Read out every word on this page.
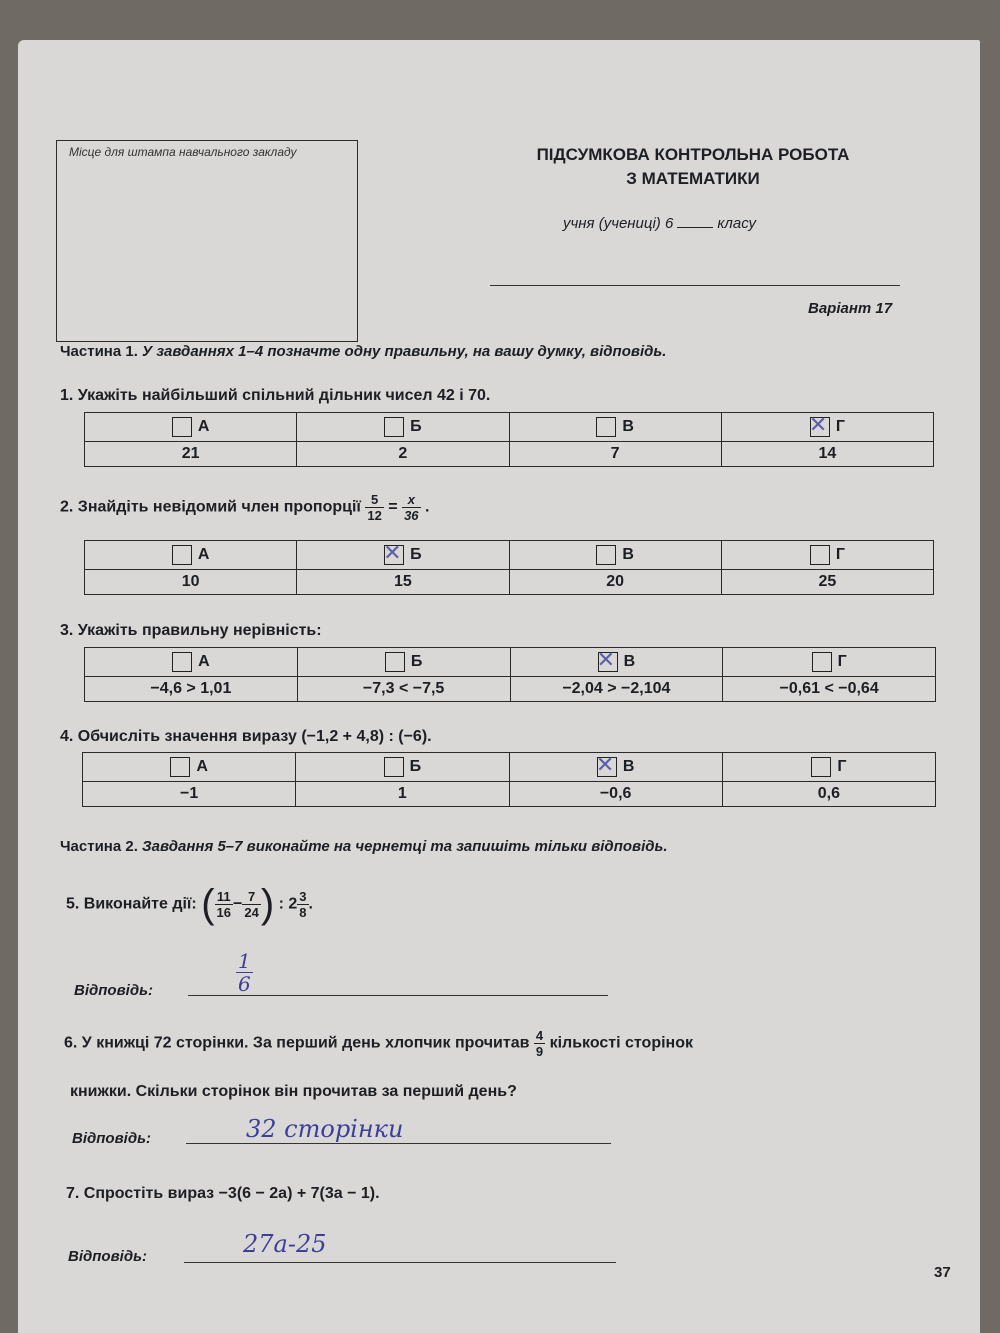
Місце для штампа навчального закладу	ПІДСУМКОВА КОНТРОЛЬНА РОБОТА
З МАТЕМАТИКИ
учня (учениці) 6	класу
Варіант 17
Частина 1. У завданнях 1–4 позначте одну правильну, на вашу думку, відповідь.
1. Укажіть найбільший спільний дільник чисел 42 і 70.
А	Б	В	✕Г
21	2	7	14
2. Знайдіть невідомий член пропорції $\frac{5}{12} = \frac{x}{36}$ .
А	✕Б	В	Г
10	15	20	25
3. Укажіть правильну нерівність:
А	Б	✕В	Г
−4,6 > 1,01	−7,3 < −7,5	−2,04 > −2,104	−0,61 < −0,64
4. Обчисліть значення виразу (−1,2 + 4,8) : (−6).
А	Б	✕В	Г
−1	1	−0,6	0,6
Частина 2. Завдання 5–7 виконайте на чернетці та запишіть тільки відповідь.
5. Виконайте дії: ( $\frac{11}{16} - \frac{7}{24}$ ) : $2 \frac{3}{8}$ .
Відповідь:	$\frac{1}{6}$
6. У книжці 72 сторінки. За перший день хлопчик прочитав $\frac{4}{9}$ кількості сторінок
книжки. Скільки сторінок він прочитав за перший день?
Відповідь:	32 сторінки
7. Спростіть вираз −3(6 − 2a) + 7(3a − 1).
Відповідь:	27a-25
37
